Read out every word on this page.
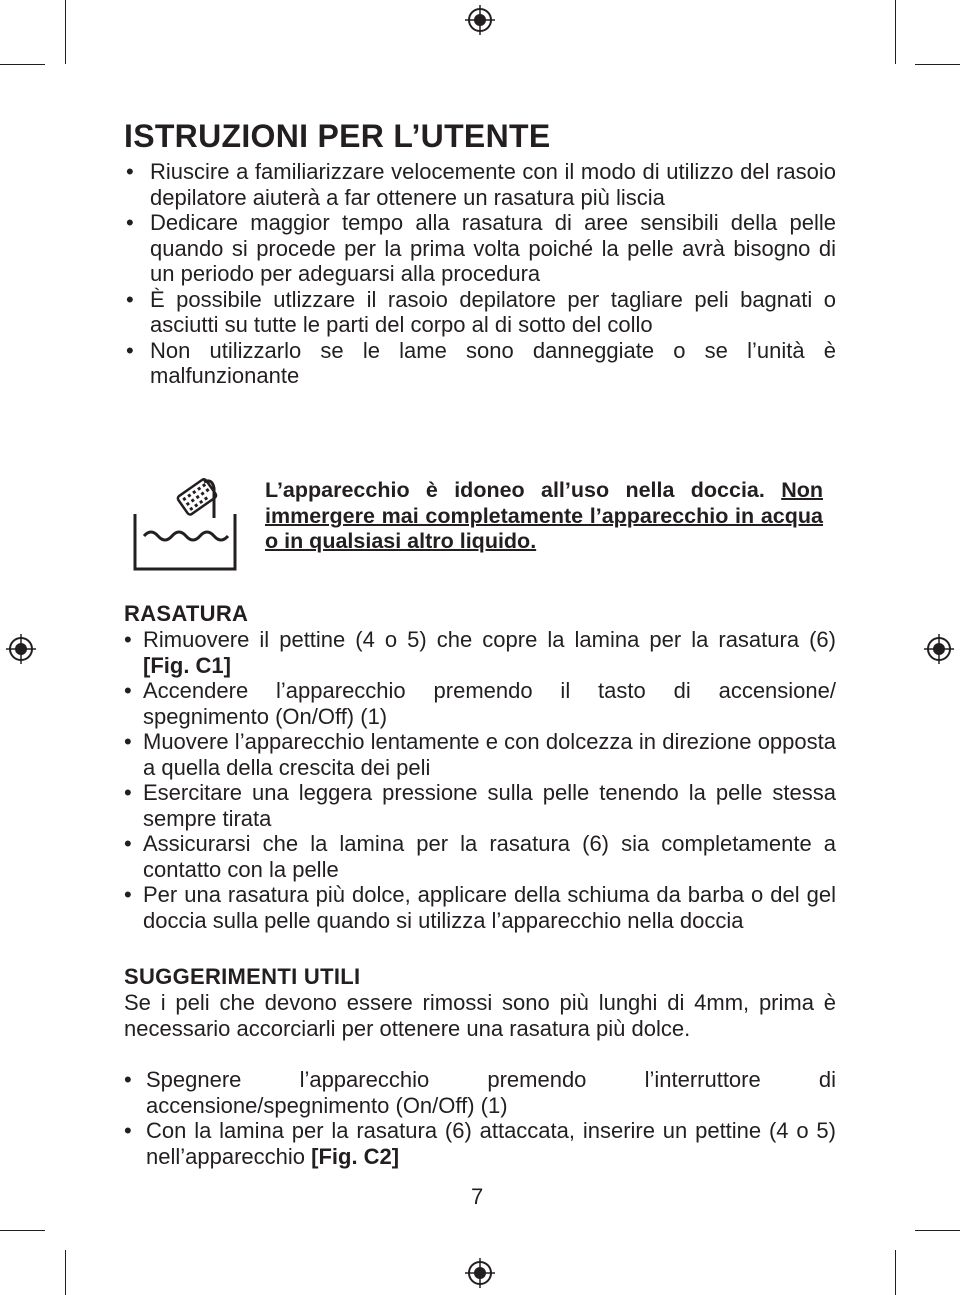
ISTRUZIONI PER L’UTENTE
• Riuscire a familiarizzare velocemente con il modo di utilizzo del rasoio depilatore aiuterà a far ottenere un rasatura più liscia
• Dedicare maggior tempo alla rasatura di aree sensibili della pelle quando si procede per la prima volta poiché la pelle avrà bisogno di un periodo per adeguarsi alla procedura
• È possibile utlizzare il rasoio depilatore per tagliare peli bagnati o asciutti su tutte le parti del corpo al di sotto del collo
• Non utilizzarlo se le lame sono danneggiate o se l’unità è malfunzionante

L’apparecchio è idoneo all’uso nella doccia. Non immergere mai completamente l’apparecchio in acqua o in qualsiasi altro liquido.

RASATURA
• Rimuovere il pettine (4 o 5) che copre la lamina per la rasatura (6) [Fig. C1]
• Accendere l’apparecchio premendo il tasto di accensione/ spegnimento (On/Off) (1)
• Muovere l’apparecchio lentamente e con dolcezza in direzione opposta a quella della crescita dei peli
• Esercitare una leggera pressione sulla pelle tenendo la pelle stessa sempre tirata
• Assicurarsi che la lamina per la rasatura (6) sia completamente a contatto con la pelle
• Per una rasatura più dolce, applicare della schiuma da barba o del gel doccia sulla pelle quando si utilizza l’apparecchio nella doccia
SUGGERIMENTI UTILI

Se i peli che devono essere rimossi sono più lunghi di 4mm, prima è necessario accorciarli per ottenere una rasatura più dolce.

• Spegnere l’apparecchio premendo l’interruttore di accensione/spegnimento (On/Off) (1)
• Con la lamina per la rasatura (6) attaccata, inserire un pettine (4 o 5) nell’apparecchio [Fig. C2]

7
